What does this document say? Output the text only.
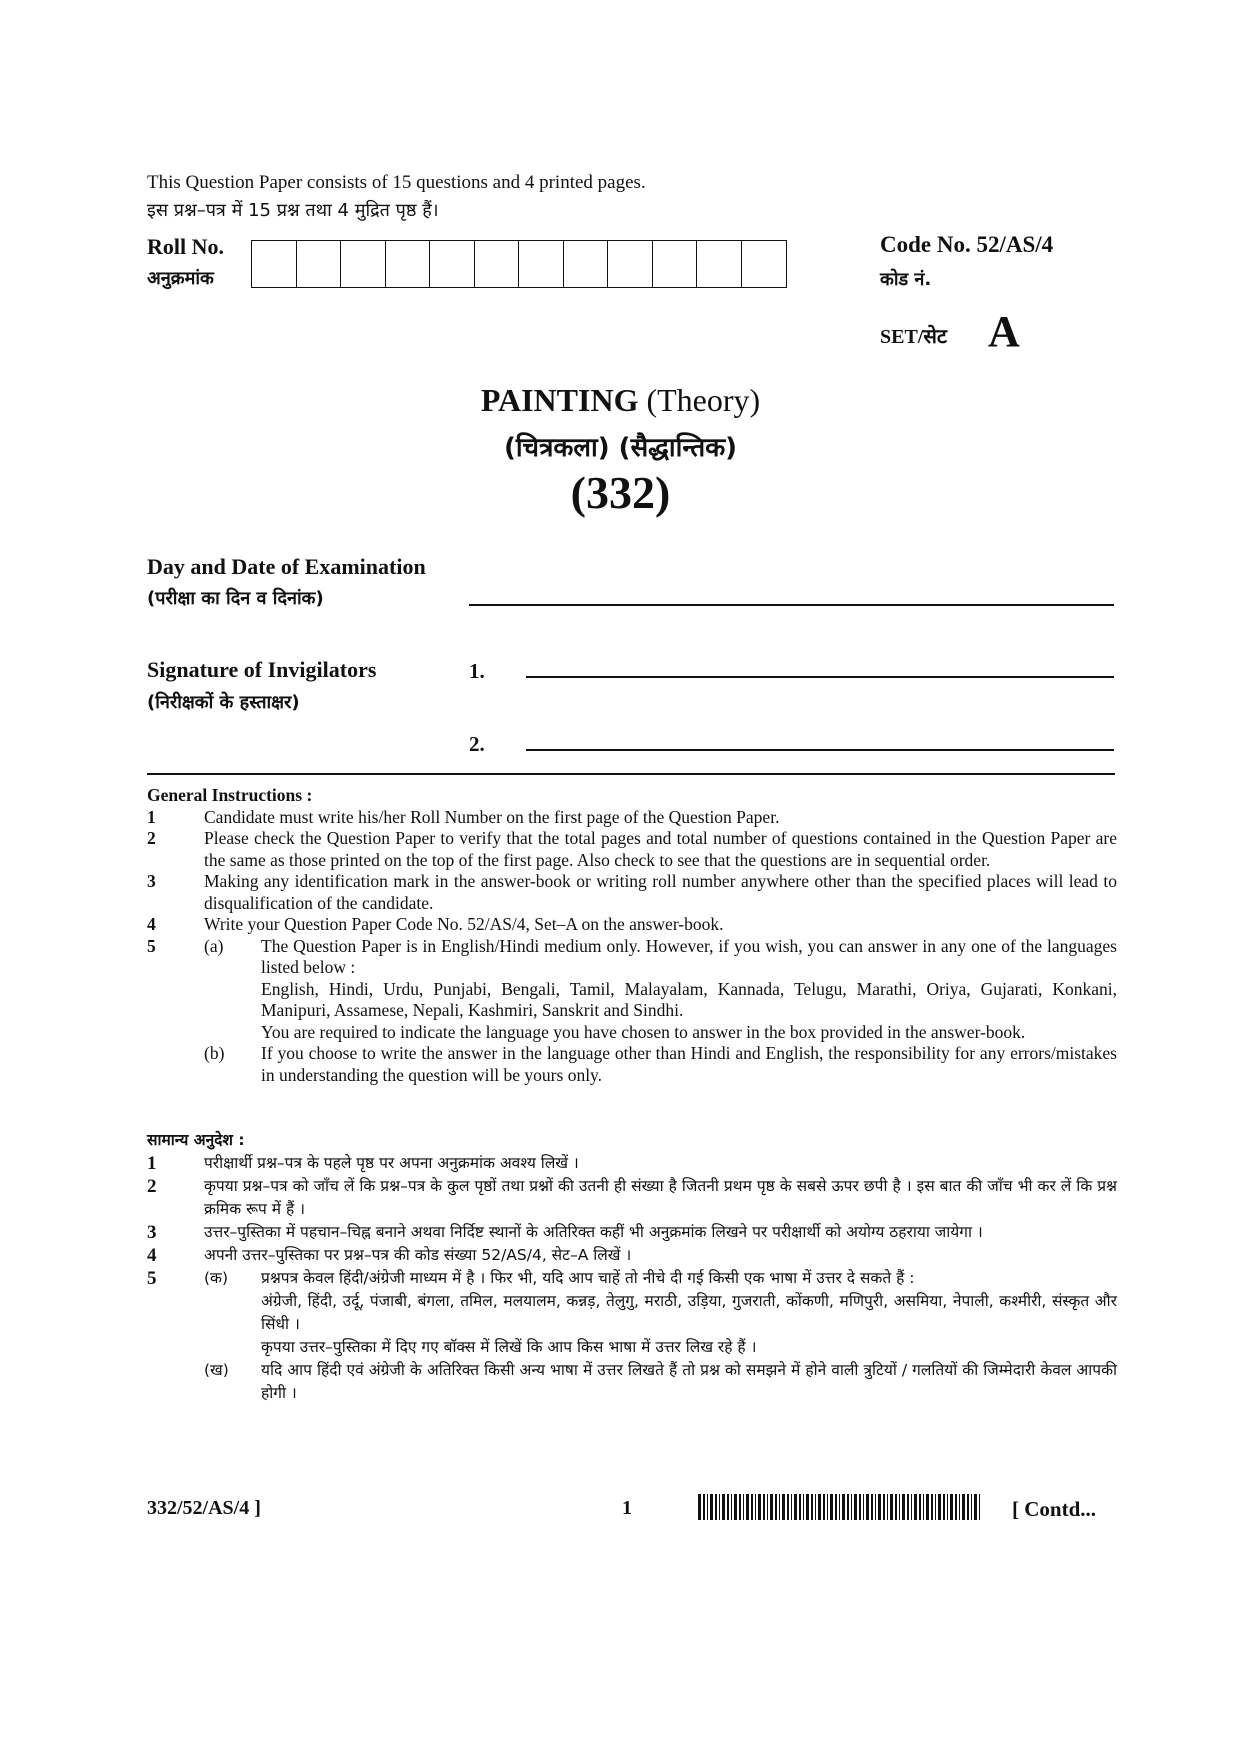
This Question Paper consists of 15 questions and 4 printed pages.
इस प्रश्न–पत्र में 15 प्रश्न तथा 4 मुद्रित पृष्ठ हैं।
Roll No.
अनुक्रमांक
Code No. 52/AS/4
कोड नं.
SET/सेट A
PAINTING (Theory)
(चित्रकला) (सैद्धान्तिक)
(332)
Day and Date of Examination
(परीक्षा का दिन व दिनांक)
Signature of Invigilators
(निरीक्षकों के हस्ताक्षर)
1.
2.
General Instructions :
1	Candidate must write his/her Roll Number on the first page of the Question Paper.
2	Please check the Question Paper to verify that the total pages and total number of questions contained in the Question Paper are the same as those printed on the top of the first page. Also check to see that the questions are in sequential order.
3	Making any identification mark in the answer-book or writing roll number anywhere other than the specified places will lead to disqualification of the candidate.
4	Write your Question Paper Code No. 52/AS/4, Set–A on the answer-book.
5	(a)	The Question Paper is in English/Hindi medium only. However, if you wish, you can answer in any one of the languages listed below :
English, Hindi, Urdu, Punjabi, Bengali, Tamil, Malayalam, Kannada, Telugu, Marathi, Oriya, Gujarati, Konkani, Manipuri, Assamese, Nepali, Kashmiri, Sanskrit and Sindhi.
You are required to indicate the language you have chosen to answer in the box provided in the answer-book.
(b)	If you choose to write the answer in the language other than Hindi and English, the responsibility for any errors/mistakes in understanding the question will be yours only.
सामान्य अनुदेश :
1	परीक्षार्थी प्रश्न–पत्र के पहले पृष्ठ पर अपना अनुक्रमांक अवश्य लिखें ।
2	कृपया प्रश्न–पत्र को जाँच लें कि प्रश्न–पत्र के कुल पृष्ठों तथा प्रश्नों की उतनी ही संख्या है जितनी प्रथम पृष्ठ के सबसे ऊपर छपी है । इस बात की जाँच भी कर लें कि प्रश्न क्रमिक रूप में हैं ।
3	उत्तर–पुस्तिका में पहचान–चिह्न बनाने अथवा निर्दिष्ट स्थानों के अतिरिक्त कहीं भी अनुक्रमांक लिखने पर परीक्षार्थी को अयोग्य ठहराया जायेगा ।
4	अपनी उत्तर–पुस्तिका पर प्रश्न–पत्र की कोड संख्या 52/AS/4, सेट–A लिखें ।
5	(क)	प्रश्नपत्र केवल हिंदी/अंग्रेजी माध्यम में है । फिर भी, यदि आप चाहें तो नीचे दी गई किसी एक भाषा में उत्तर दे सकते हैं :
अंग्रेजी, हिंदी, उर्दू, पंजाबी, बंगला, तमिल, मलयालम, कन्नड़, तेलुगु, मराठी, उड़िया, गुजराती, कोंकणी, मणिपुरी, असमिया, नेपाली, कश्मीरी, संस्कृत और सिंधी ।
कृपया उत्तर–पुस्तिका में दिए गए बॉक्स में लिखें कि आप किस भाषा में उत्तर लिख रहे हैं ।
(ख)	यदि आप हिंदी एवं अंग्रेजी के अतिरिक्त किसी अन्य भाषा में उत्तर लिखते हैं तो प्रश्न को समझने में होने वाली त्रुटियों / गलतियों की जिम्मेदारी केवल आपकी होगी ।
332/52/AS/4 ]	1	[ Contd...
